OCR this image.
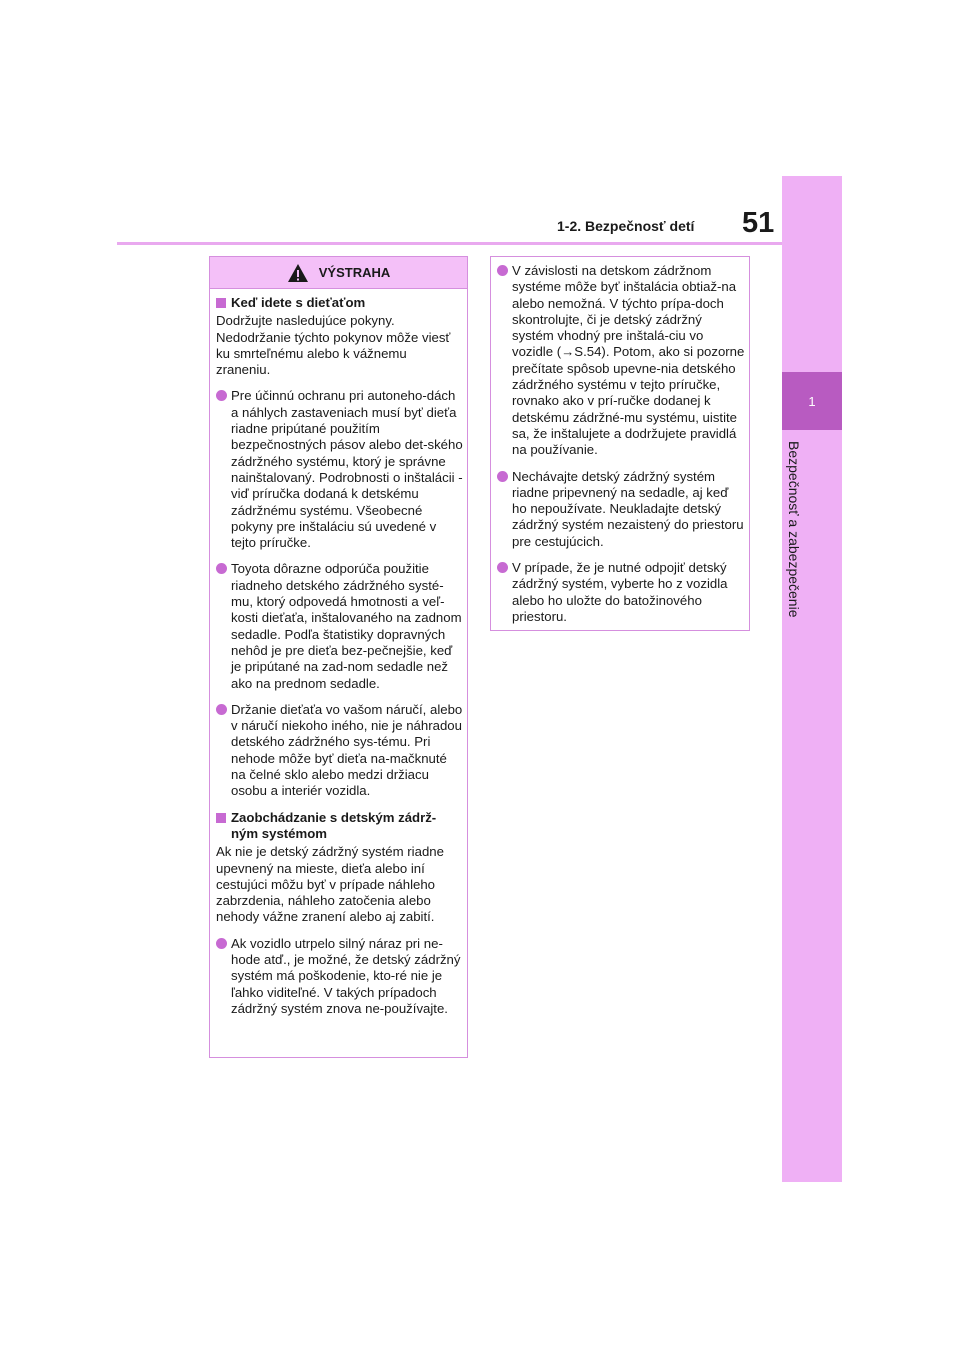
1
Bezpečnosť a zabezpečenie
1-2. Bezpečnosť detí 51
VÝSTRAHA
Keď idete s dieťaťom

Dodržujte nasledujúce pokyny. Nedodržanie týchto pokynov môže viesť ku smrteľnému alebo k vážnemu zraneniu.

Pre účinnú ochranu pri autoneho-dách a náhlych zastaveniach musí byť dieťa riadne pripútané použitím bezpečnostných pásov alebo det-ského zádržného systému, ktorý je správne nainštalovaný. Podrobnosti o inštalácii - viď príručka dodaná k detskému zádržnému systému. Všeobecné pokyny pre inštaláciu sú uvedené v tejto príručke.
Toyota dôrazne odporúča použitie riadneho detského zádržného systé-mu, ktorý odpovedá hmotnosti a veľ-kosti dieťaťa, inštalovaného na zadnom sedadle. Podľa štatistiky dopravných nehôd je pre dieťa bez-pečnejšie, keď je pripútané na zad-nom sedadle než ako na prednom sedadle.
Držanie dieťaťa vo vašom náručí, alebo v náručí niekoho iného, nie je náhradou detského zádržného sys-tému. Pri nehode môže byť dieťa na-mačknuté na čelné sklo alebo medzi držiacu osobu a interiér vozidla.
Zaobchádzanie s detským zádrž-ným systémom

Ak nie je detský zádržný systém riadne upevnený na mieste, dieťa alebo iní cestujúci môžu byť v prípade náhleho zabrzdenia, náhleho zatočenia alebo nehody vážne zranení alebo aj zabití.

Ak vozidlo utrpelo silný náraz pri ne-hode atď., je možné, že detský zádržný systém má poškodenie, kto-ré nie je ľahko viditeľné. V takých prípadoch zádržný systém znova ne-používajte.
V závislosti na detskom zádržnom systéme môže byť inštalácia obtiaž-na alebo nemožná. V týchto prípa-doch skontrolujte, či je detský zádržný systém vhodný pre inštalá-ciu vo vozidle (→S.54). Potom, ako si pozorne prečítate spôsob upevne-nia detského zádržného systému v tejto príručke, rovnako ako v prí-ručke dodanej k detskému zádržné-mu systému, uistite sa, že inštalujete a dodržujete pravidlá na používanie.
Nechávajte detský zádržný systém riadne pripevnený na sedadle, aj keď ho nepoužívate. Neukladajte detský zádržný systém nezaistený do priestoru pre cestujúcich.
V prípade, že je nutné odpojiť detský zádržný systém, vyberte ho z vozidla alebo ho uložte do batožinového priestoru.
